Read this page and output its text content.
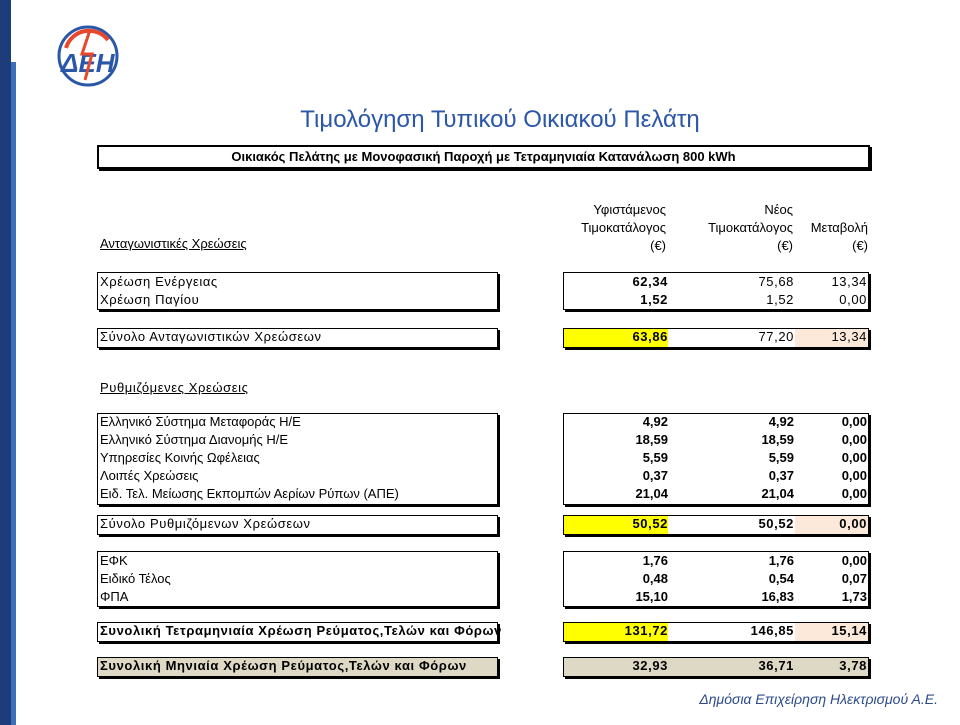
ΔΕΗ
Τιμολόγηση Τυπικού Οικιακού Πελάτη
Οικιακός Πελάτης με Μονοφασική Παροχή με Τετραμηνιαία Κατανάλωση 800 kWh
Ανταγωνιστικές Χρεώσεις
Υφιστάμενος
Τιμοκατάλογος
(€)
Νέος
Τιμοκατάλογος
(€)
Μεταβολή
(€)
Χρέωση Ενέργειας	62,34	75,68	13,34
Χρέωση Παγίου	1,52	1,52	0,00
Σύνολο Ανταγωνιστικών Χρεώσεων	63,86	77,20	13,34
Ρυθμιζόμενες Χρεώσεις
Ελληνικό Σύστημα Μεταφοράς Η/Ε	4,92	4,92	0,00
Ελληνικό Σύστημα Διανομής Η/Ε	18,59	18,59	0,00
Υπηρεσίες Κοινής Ωφέλειας	5,59	5,59	0,00
Λοιπές Χρεώσεις	0,37	0,37	0,00
Ειδ. Τελ. Μείωσης Εκπομπών Αερίων Ρύπων (ΑΠΕ)	21,04	21,04	0,00
Σύνολο Ρυθμιζόμενων Χρεώσεων	50,52	50,52	0,00
ΕΦΚ	1,76	1,76	0,00
Ειδικό Τέλος	0,48	0,54	0,07
ΦΠΑ	15,10	16,83	1,73
Συνολική Τετραμηνιαία Χρέωση Ρεύματος,Τελών και Φόρων	131,72	146,85	15,14
Συνολική Μηνιαία Χρέωση Ρεύματος,Τελών και Φόρων	32,93	36,71	3,78
Δημόσια Επιχείρηση Ηλεκτρισμού Α.Ε.
